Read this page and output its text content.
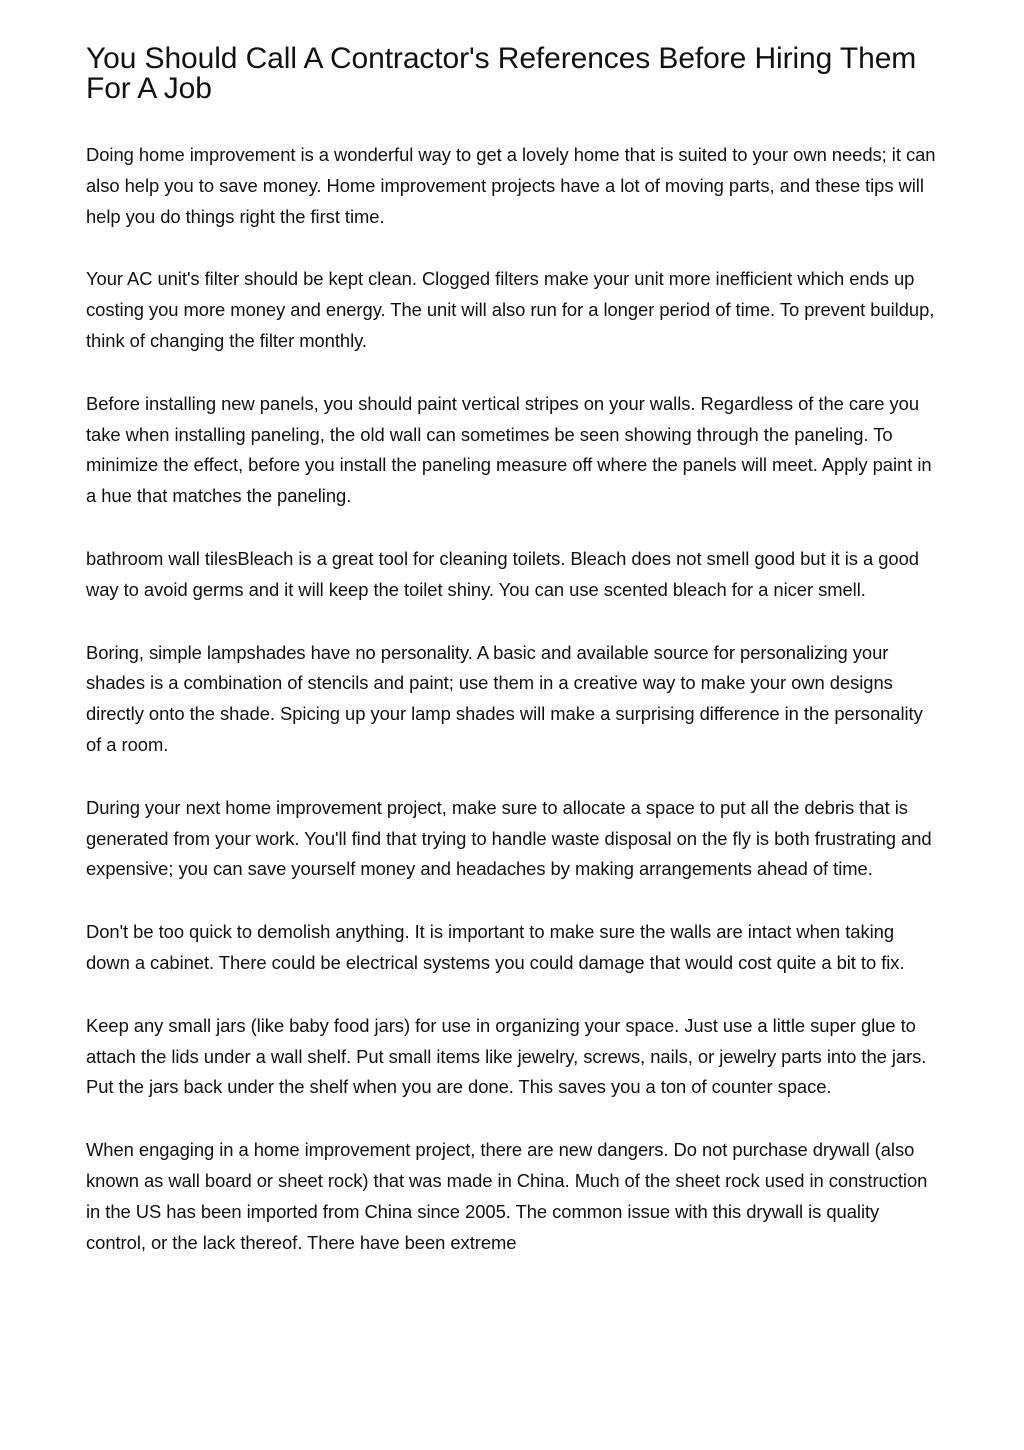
You Should Call A Contractor's References Before Hiring Them For A Job

Doing home improvement is a wonderful way to get a lovely home that is suited to your own needs; it can also help you to save money. Home improvement projects have a lot of moving parts, and these tips will help you do things right the first time.

Your AC unit's filter should be kept clean. Clogged filters make your unit more inefficient which ends up costing you more money and energy. The unit will also run for a longer period of time. To prevent buildup, think of changing the filter monthly.

Before installing new panels, you should paint vertical stripes on your walls. Regardless of the care you take when installing paneling, the old wall can sometimes be seen showing through the paneling. To minimize the effect, before you install the paneling measure off where the panels will meet. Apply paint in a hue that matches the paneling.

bathroom wall tilesBleach is a great tool for cleaning toilets. Bleach does not smell good but it is a good way to avoid germs and it will keep the toilet shiny. You can use scented bleach for a nicer smell.

Boring, simple lampshades have no personality. A basic and available source for personalizing your shades is a combination of stencils and paint; use them in a creative way to make your own designs directly onto the shade. Spicing up your lamp shades will make a surprising difference in the personality of a room.

During your next home improvement project, make sure to allocate a space to put all the debris that is generated from your work. You'll find that trying to handle waste disposal on the fly is both frustrating and expensive; you can save yourself money and headaches by making arrangements ahead of time.

Don't be too quick to demolish anything. It is important to make sure the walls are intact when taking down a cabinet. There could be electrical systems you could damage that would cost quite a bit to fix.

Keep any small jars (like baby food jars) for use in organizing your space. Just use a little super glue to attach the lids under a wall shelf. Put small items like jewelry, screws, nails, or jewelry parts into the jars. Put the jars back under the shelf when you are done. This saves you a ton of counter space.

When engaging in a home improvement project, there are new dangers. Do not purchase drywall (also known as wall board or sheet rock) that was made in China. Much of the sheet rock used in construction in the US has been imported from China since 2005. The common issue with this drywall is quality control, or the lack thereof. There have been extreme
